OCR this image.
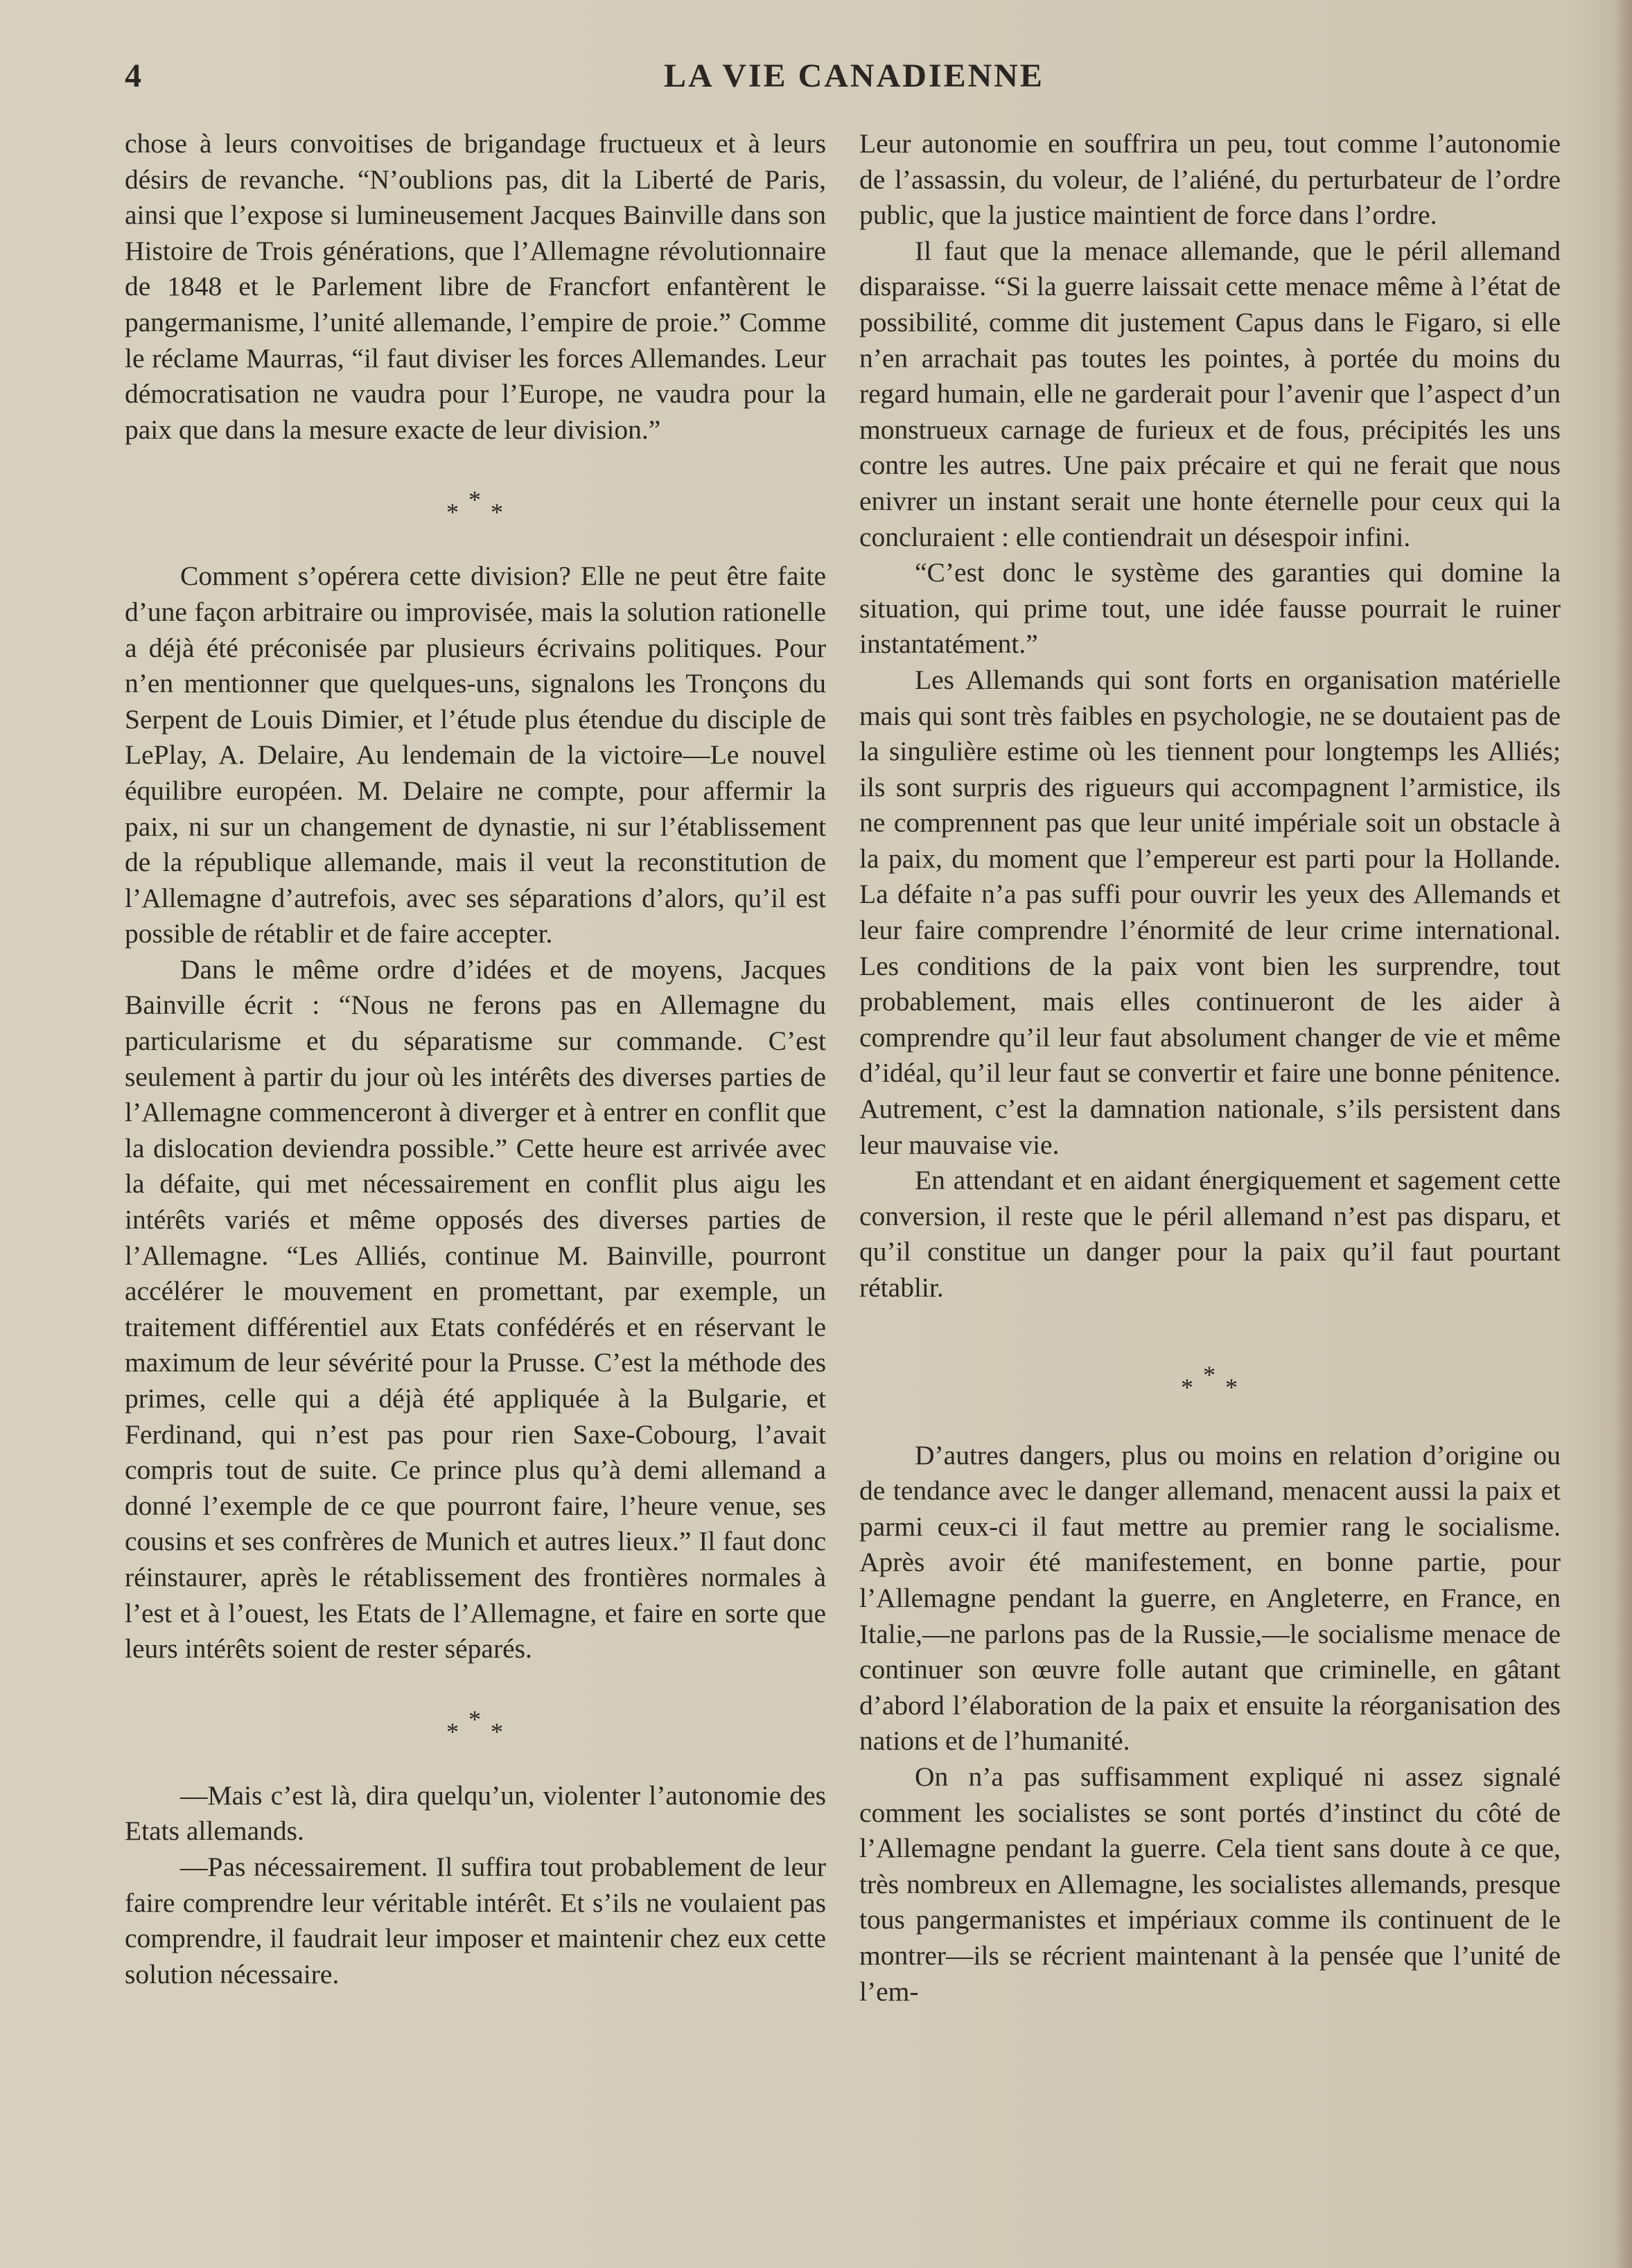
4	LA VIE CANADIENNE

chose à leurs convoitises de brigandage fructueux et à leurs désirs de revanche. “N’oublions pas, dit la Liberté de Paris, ainsi que l’expose si lumineusement Jacques Bainville dans son Histoire de Trois générations, que l’Allemagne révolutionnaire de 1848 et le Parlement libre de Francfort enfantèrent le pangermanisme, l’unité allemande, l’empire de proie.” Comme le réclame Maurras, “il faut diviser les forces Allemandes. Leur démocratisation ne vaudra pour l’Europe, ne vaudra pour la paix que dans la mesure exacte de leur division.”

* * *

Comment s’opérera cette division? Elle ne peut être faite d’une façon arbitraire ou improvisée, mais la solution rationelle a déjà été préconisée par plusieurs écrivains politiques. Pour n’en mentionner que quelques-uns, signalons les Tronçons du Serpent de Louis Dimier, et l’étude plus étendue du disciple de LePlay, A. Delaire, Au lendemain de la victoire—Le nouvel équilibre européen. M. Delaire ne compte, pour affermir la paix, ni sur un changement de dynastie, ni sur l’établissement de la république allemande, mais il veut la reconstitution de l’Allemagne d’autrefois, avec ses séparations d’alors, qu’il est possible de rétablir et de faire accepter.

Dans le même ordre d’idées et de moyens, Jacques Bainville écrit : “Nous ne ferons pas en Allemagne du particularisme et du séparatisme sur commande. C’est seulement à partir du jour où les intérêts des diverses parties de l’Allemagne commenceront à diverger et à entrer en conflit que la dislocation deviendra possible.” Cette heure est arrivée avec la défaite, qui met nécessairement en conflit plus aigu les intérêts variés et même opposés des diverses parties de l’Allemagne. “Les Alliés, continue M. Bainville, pourront accélérer le mouvement en promettant, par exemple, un traitement différentiel aux Etats confédérés et en réservant le maximum de leur sévérité pour la Prusse. C’est la méthode des primes, celle qui a déjà été appliquée à la Bulgarie, et Ferdinand, qui n’est pas pour rien Saxe-Cobourg, l’avait compris tout de suite. Ce prince plus qu’à demi allemand a donné l’exemple de ce que pourront faire, l’heure venue, ses cousins et ses confrères de Munich et autres lieux.” Il faut donc réinstaurer, après le rétablissement des frontières normales à l’est et à l’ouest, les Etats de l’Allemagne, et faire en sorte que leurs intérêts soient de rester séparés.

* * *

—Mais c’est là, dira quelqu’un, violenter l’autonomie des Etats allemands.

—Pas nécessairement. Il suffira tout probablement de leur faire comprendre leur véritable intérêt. Et s’ils ne voulaient pas comprendre, il faudrait leur imposer et maintenir chez eux cette solution nécessaire.

Leur autonomie en souffrira un peu, tout comme l’autonomie de l’assassin, du voleur, de l’aliéné, du perturbateur de l’ordre public, que la justice maintient de force dans l’ordre.

Il faut que la menace allemande, que le péril allemand disparaisse. “Si la guerre laissait cette menace même à l’état de possibilité, comme dit justement Capus dans le Figaro, si elle n’en arrachait pas toutes les pointes, à portée du moins du regard humain, elle ne garderait pour l’avenir que l’aspect d’un monstrueux carnage de furieux et de fous, précipités les uns contre les autres. Une paix précaire et qui ne ferait que nous enivrer un instant serait une honte éternelle pour ceux qui la concluraient : elle contiendrait un désespoir infini.

“C’est donc le système des garanties qui domine la situation, qui prime tout, une idée fausse pourrait le ruiner instantatément.”

Les Allemands qui sont forts en organisation matérielle mais qui sont très faibles en psychologie, ne se doutaient pas de la singulière estime où les tiennent pour longtemps les Alliés; ils sont surpris des rigueurs qui accompagnent l’armistice, ils ne comprennent pas que leur unité impériale soit un obstacle à la paix, du moment que l’empereur est parti pour la Hollande. La défaite n’a pas suffi pour ouvrir les yeux des Allemands et leur faire comprendre l’énormité de leur crime international. Les conditions de la paix vont bien les surprendre, tout probablement, mais elles continueront de les aider à comprendre qu’il leur faut absolument changer de vie et même d’idéal, qu’il leur faut se convertir et faire une bonne pénitence. Autrement, c’est la damnation nationale, s’ils persistent dans leur mauvaise vie.

En attendant et en aidant énergiquement et sagement cette conversion, il reste que le péril allemand n’est pas disparu, et qu’il constitue un danger pour la paix qu’il faut pourtant rétablir.

* * *

D’autres dangers, plus ou moins en relation d’origine ou de tendance avec le danger allemand, menacent aussi la paix et parmi ceux-ci il faut mettre au premier rang le socialisme. Après avoir été manifestement, en bonne partie, pour l’Allemagne pendant la guerre, en Angleterre, en France, en Italie,—ne parlons pas de la Russie,—le socialisme menace de continuer son œuvre folle autant que criminelle, en gâtant d’abord l’élaboration de la paix et ensuite la réorganisation des nations et de l’humanité.

On n’a pas suffisamment expliqué ni assez signalé comment les socialistes se sont portés d’instinct du côté de l’Allemagne pendant la guerre. Cela tient sans doute à ce que, très nombreux en Allemagne, les socialistes allemands, presque tous pangermanistes et impériaux comme ils continuent de le montrer—ils se récrient maintenant à la pensée que l’unité de l’em-
